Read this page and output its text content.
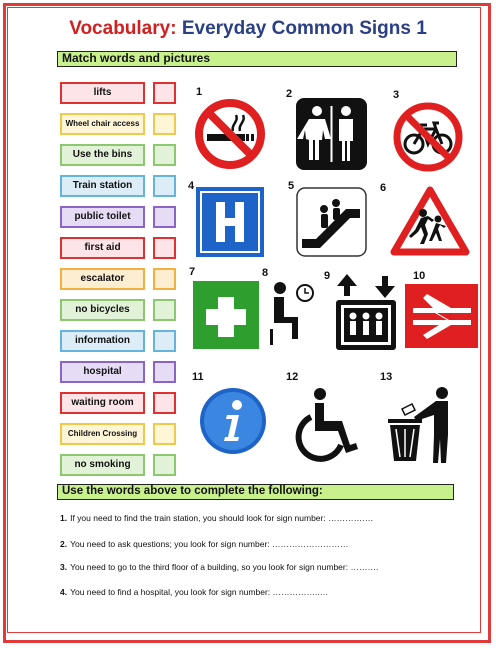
Vocabulary: Everyday Common Signs 1
Match words and pictures
lifts
Wheel chair access
Use the bins
Train station
public toilet
first aid
escalator
no bicycles
information
hospital
waiting room
Children Crossing
no smoking
1	2	3
4	5	6
7	8	9	10
11	12	13
Use the words above to complete the following:
1. If you need to find the train station, you should look for sign number: …………….
2. You need to ask questions; you look for sign number: ………………………
3. You need to go to the third floor of a building, so you look for sign number: ……….
4. You need to find a hospital, you look for sign number: ……………..…
